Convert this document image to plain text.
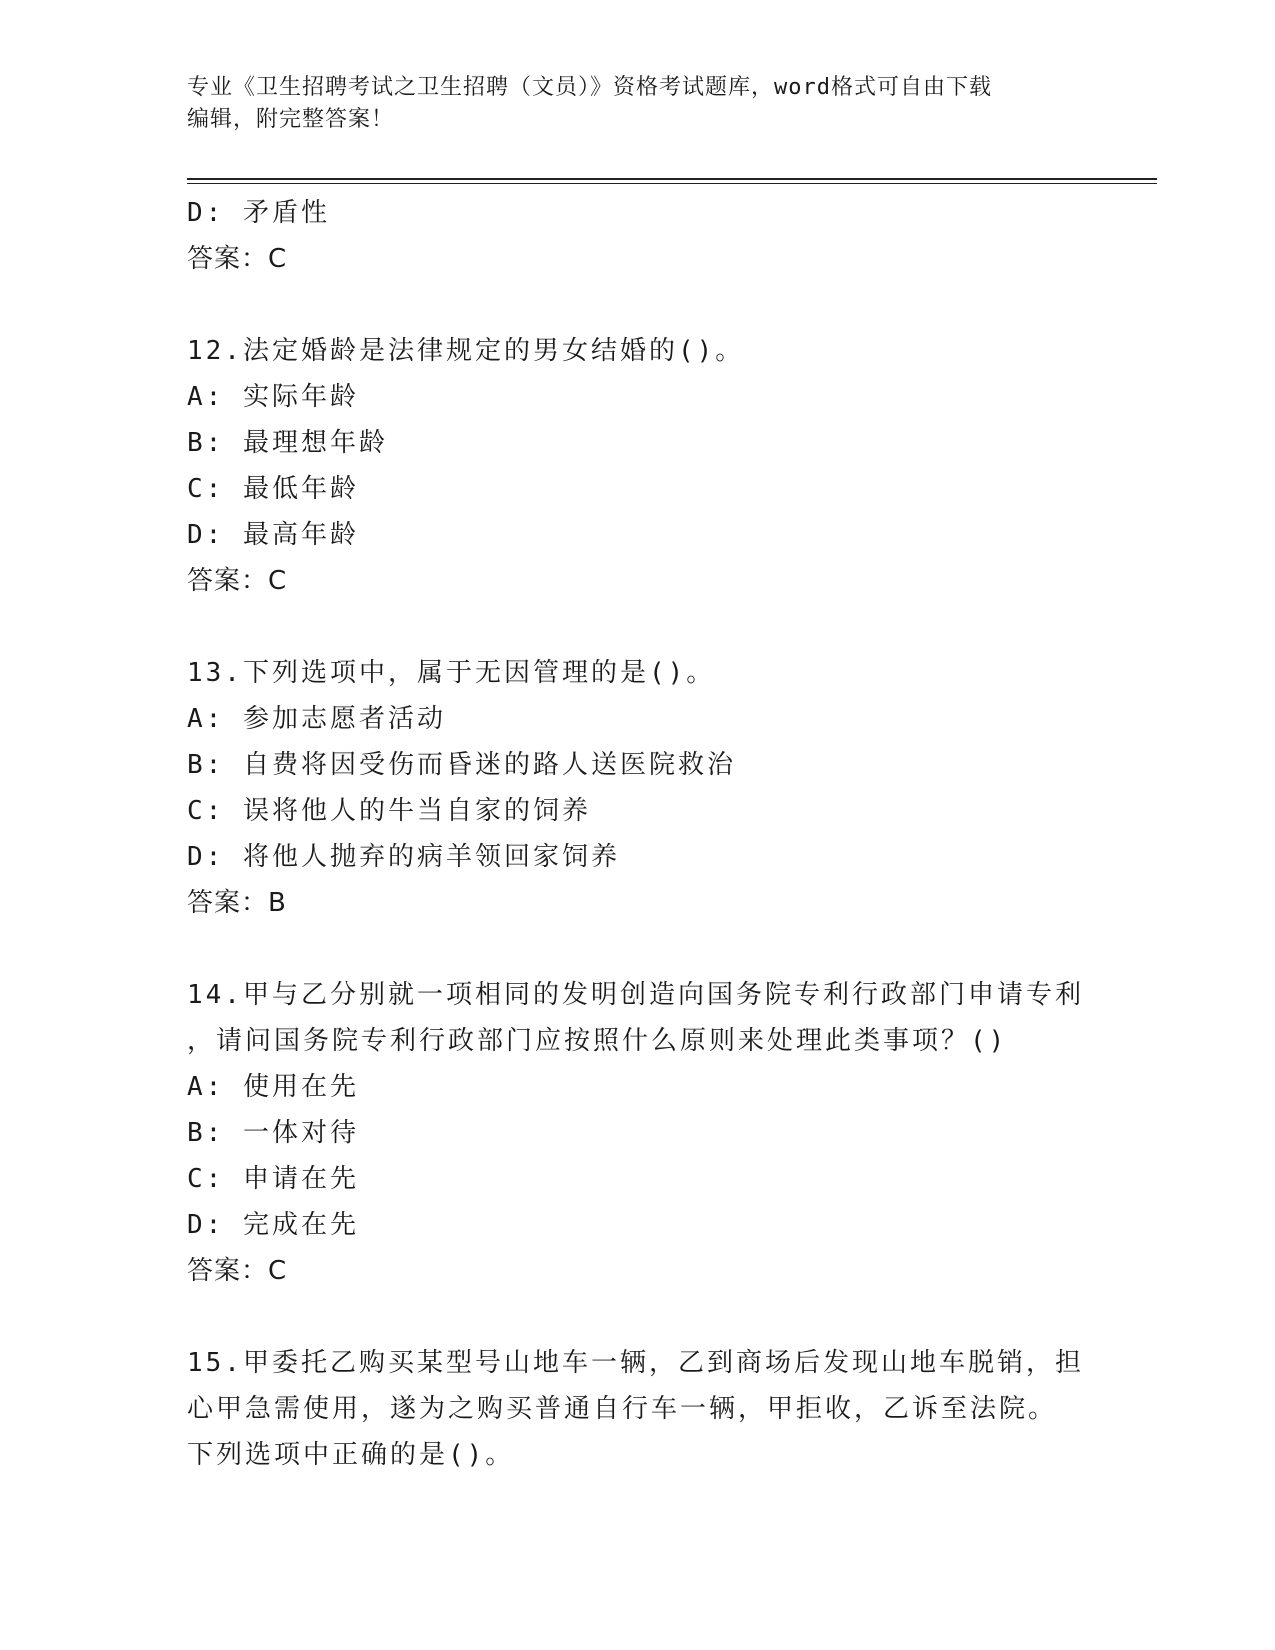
专业《卫生招聘考试之卫生招聘（文员）》资格考试题库，word格式可自由下载
编辑，附完整答案！
D: 矛盾性
答案：C
12.法定婚龄是法律规定的男女结婚的()。
A: 实际年龄
B: 最理想年龄
C: 最低年龄
D: 最高年龄
答案：C
13.下列选项中，属于无因管理的是()。
A: 参加志愿者活动
B: 自费将因受伤而昏迷的路人送医院救治
C: 误将他人的牛当自家的饲养
D: 将他人抛弃的病羊领回家饲养
答案：B
14.甲与乙分别就一项相同的发明创造向国务院专利行政部门申请专利
，请问国务院专利行政部门应按照什么原则来处理此类事项？()
A: 使用在先
B: 一体对待
C: 申请在先
D: 完成在先
答案：C
15.甲委托乙购买某型号山地车一辆，乙到商场后发现山地车脱销，担
心甲急需使用，遂为之购买普通自行车一辆，甲拒收，乙诉至法院。
下列选项中正确的是()。
